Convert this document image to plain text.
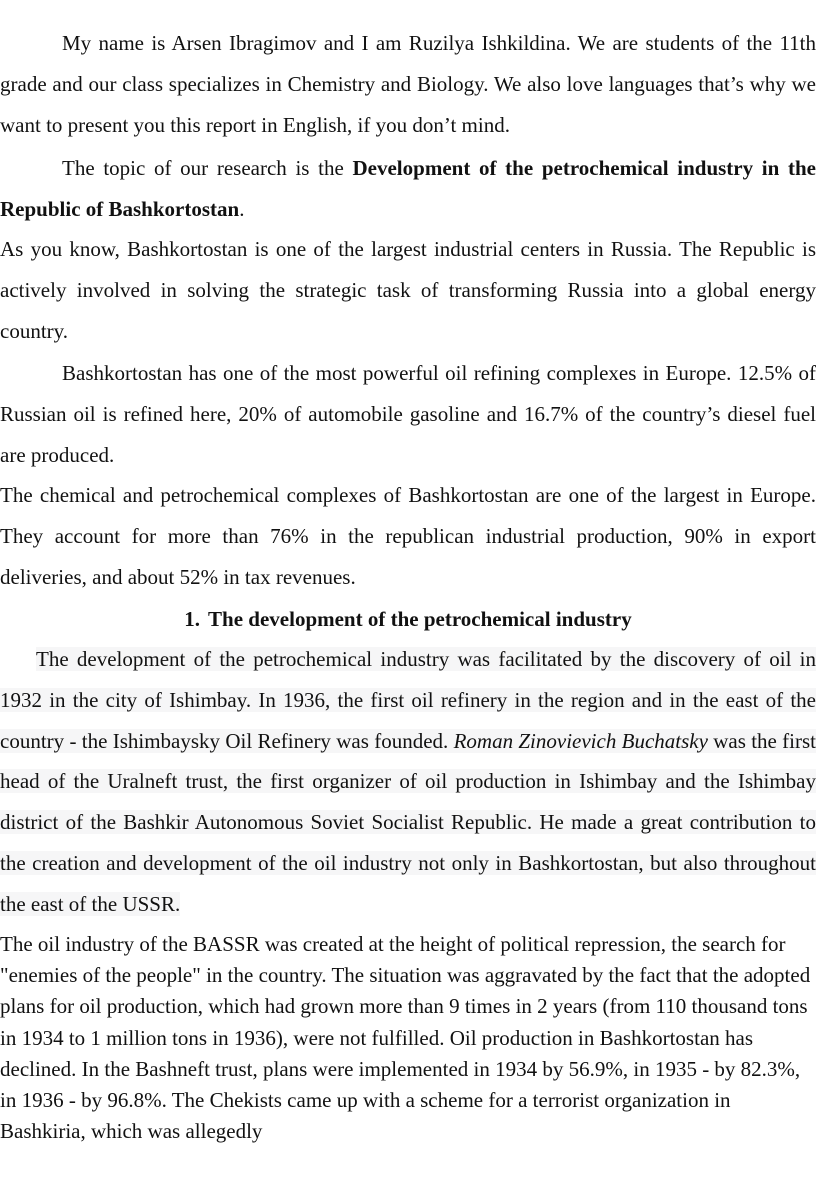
My name is Arsen Ibragimov and I am Ruzilya Ishkildina. We are students of the 11th grade and our class specializes in Chemistry and Biology. We also love languages that’s why we want to present you this report in English, if you don’t mind.

The topic of our research is the Development of the petrochemical industry in the Republic of Bashkortostan.

As you know, Bashkortostan is one of the largest industrial centers in Russia. The Republic is actively involved in solving the strategic task of transforming Russia into a global energy country.

Bashkortostan has one of the most powerful oil refining complexes in Europe. 12.5% of Russian oil is refined here, 20% of automobile gasoline and 16.7% of the country’s diesel fuel are produced.

The chemical and petrochemical complexes of Bashkortostan are one of the largest in Europe. They account for more than 76% in the republican industrial production, 90% in export deliveries, and about 52% in tax revenues.

1. The development of the petrochemical industry

The development of the petrochemical industry was facilitated by the discovery of oil in 1932 in the city of Ishimbay. In 1936, the first oil refinery in the region and in the east of the country - the Ishimbaysky Oil Refinery was founded. Roman Zinovievich Buchatsky was the first head of the Uralneft trust, the first organizer of oil production in Ishimbay and the Ishimbay district of the Bashkir Autonomous Soviet Socialist Republic. He made a great contribution to the creation and development of the oil industry not only in Bashkortostan, but also throughout the east of the USSR.

The oil industry of the BASSR was created at the height of political repression, the search for "enemies of the people" in the country. The situation was aggravated by the fact that the adopted plans for oil production, which had grown more than 9 times in 2 years (from 110 thousand tons in 1934 to 1 million tons in 1936), were not fulfilled. Oil production in Bashkortostan has declined. In the Bashneft trust, plans were implemented in 1934 by 56.9%, in 1935 - by 82.3%, in 1936 - by 96.8%. The Chekists came up with a scheme for a terrorist organization in Bashkiria, which was allegedly
